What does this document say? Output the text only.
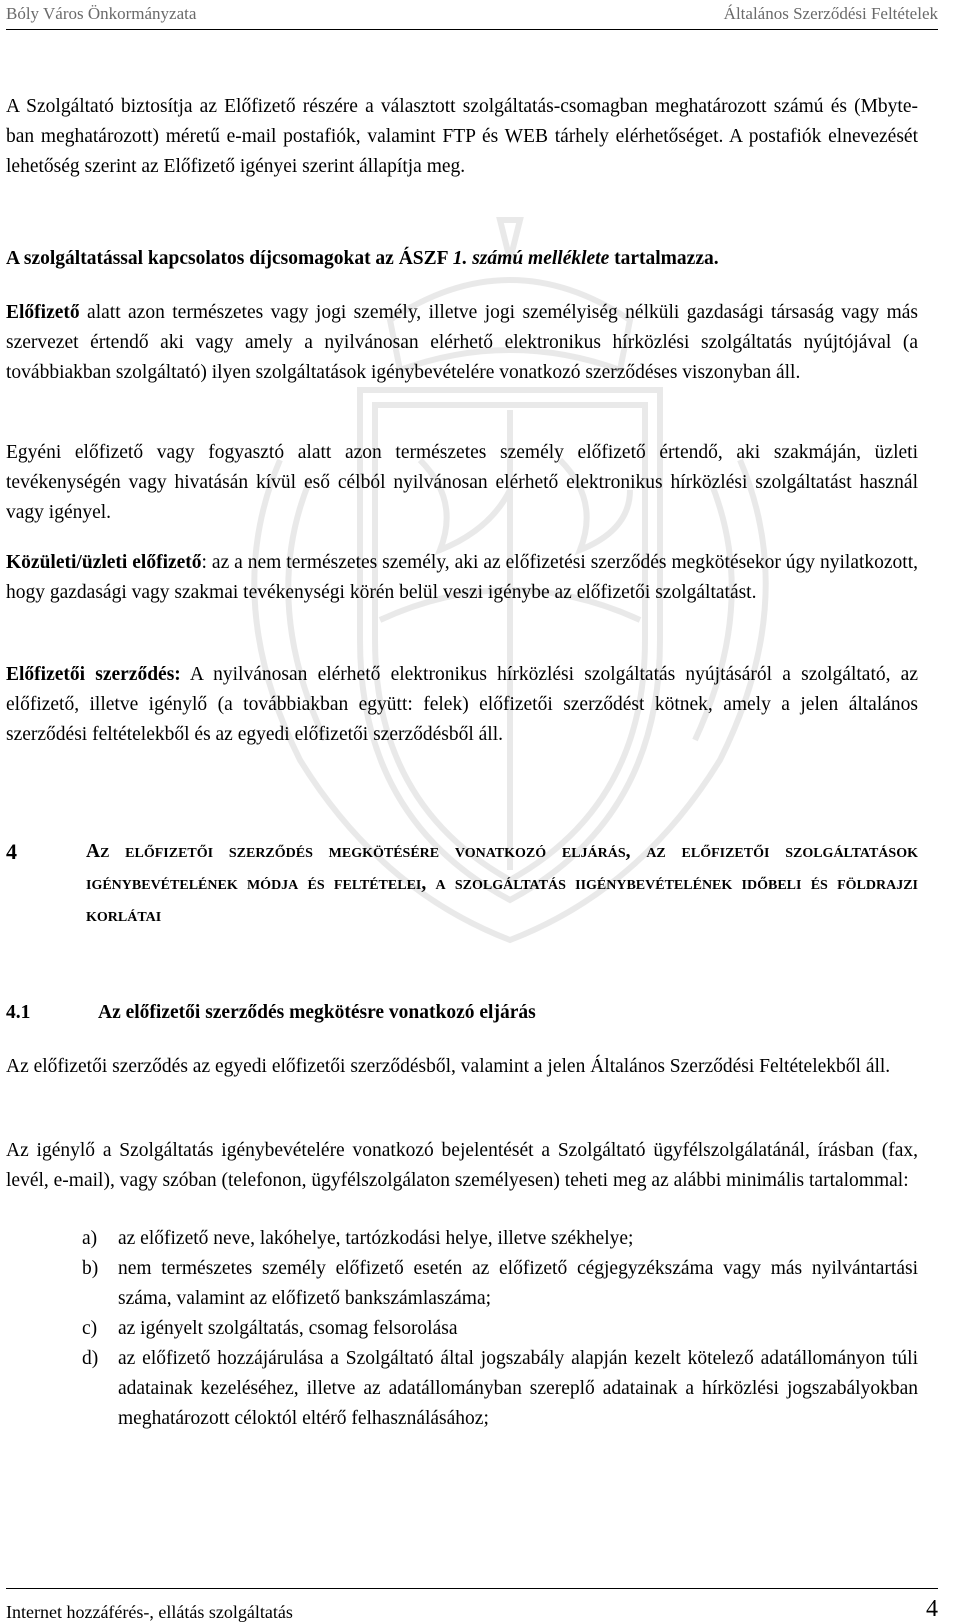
Bóly Város Önkormányzata	Általános Szerződési Feltételek
A Szolgáltató biztosítja az Előfizető részére a választott szolgáltatás-csomagban meghatározott számú és (Mbyte-ban meghatározott) méretű e-mail postafiók, valamint FTP és WEB tárhely elérhetőséget. A postafiók elnevezését lehetőség szerint az Előfizető igényei szerint állapítja meg.
A szolgáltatással kapcsolatos díjcsomagokat az ÁSZF 1. számú melléklete tartalmazza.
Előfizető alatt azon természetes vagy jogi személy, illetve jogi személyiség nélküli gazdasági társaság vagy más szervezet értendő aki vagy amely a nyilvánosan elérhető elektronikus hírközlési szolgáltatás nyújtójával (a továbbiakban szolgáltató) ilyen szolgáltatások igénybevételére vonatkozó szerződéses viszonyban áll.
Egyéni előfizető vagy fogyasztó alatt azon természetes személy előfizető értendő, aki szakmáján, üzleti tevékenységén vagy hivatásán kívül eső célból nyilvánosan elérhető elektronikus hírközlési szolgáltatást használ vagy igényel.
Közületi/üzleti előfizető: az a nem természetes személy, aki az előfizetési szerződés megkötésekor úgy nyilatkozott, hogy gazdasági vagy szakmai tevékenységi körén belül veszi igénybe az előfizetői szolgáltatást.
Előfizetői szerződés: A nyilvánosan elérhető elektronikus hírközlési szolgáltatás nyújtásáról a szolgáltató, az előfizető, illetve igénylő (a továbbiakban együtt: felek) előfizetői szerződést kötnek, amely a jelen általános szerződési feltételekből és az egyedi előfizetői szerződésből áll.
4	Az előfizetői szerződés megkötésére vonatkozó eljárás, az előfizetői szolgáltatások igénybevételének módja és feltételei, a szolgáltatás iigénybevételének időbeli és földrajzi korlátai
4.1	Az előfizetői szerződés megkötésre vonatkozó eljárás
Az előfizetői szerződés az egyedi előfizetői szerződésből, valamint a jelen Általános Szerződési Feltételekből áll.
Az igénylő a Szolgáltatás igénybevételére vonatkozó bejelentését a Szolgáltató ügyfélszolgálatánál, írásban (fax, levél, e-mail), vagy szóban (telefonon, ügyfélszolgálaton személyesen) teheti meg az alábbi minimális tartalommal:
a) az előfizető neve, lakóhelye, tartózkodási helye, illetve székhelye;
b) nem természetes személy előfizető esetén az előfizető cégjegyzékszáma vagy más nyilvántartási száma, valamint az előfizető bankszámlaszáma;
c) az igényelt szolgáltatás, csomag felsorolása
d) az előfizető hozzájárulása a Szolgáltató által jogszabály alapján kezelt kötelező adatállományon túli adatainak kezeléséhez, illetve az adatállományban szereplő adatainak a hírközlési jogszabályokban meghatározott céloktól eltérő felhasználásához;
Internet hozzáférés-, ellátás szolgáltatás	4
